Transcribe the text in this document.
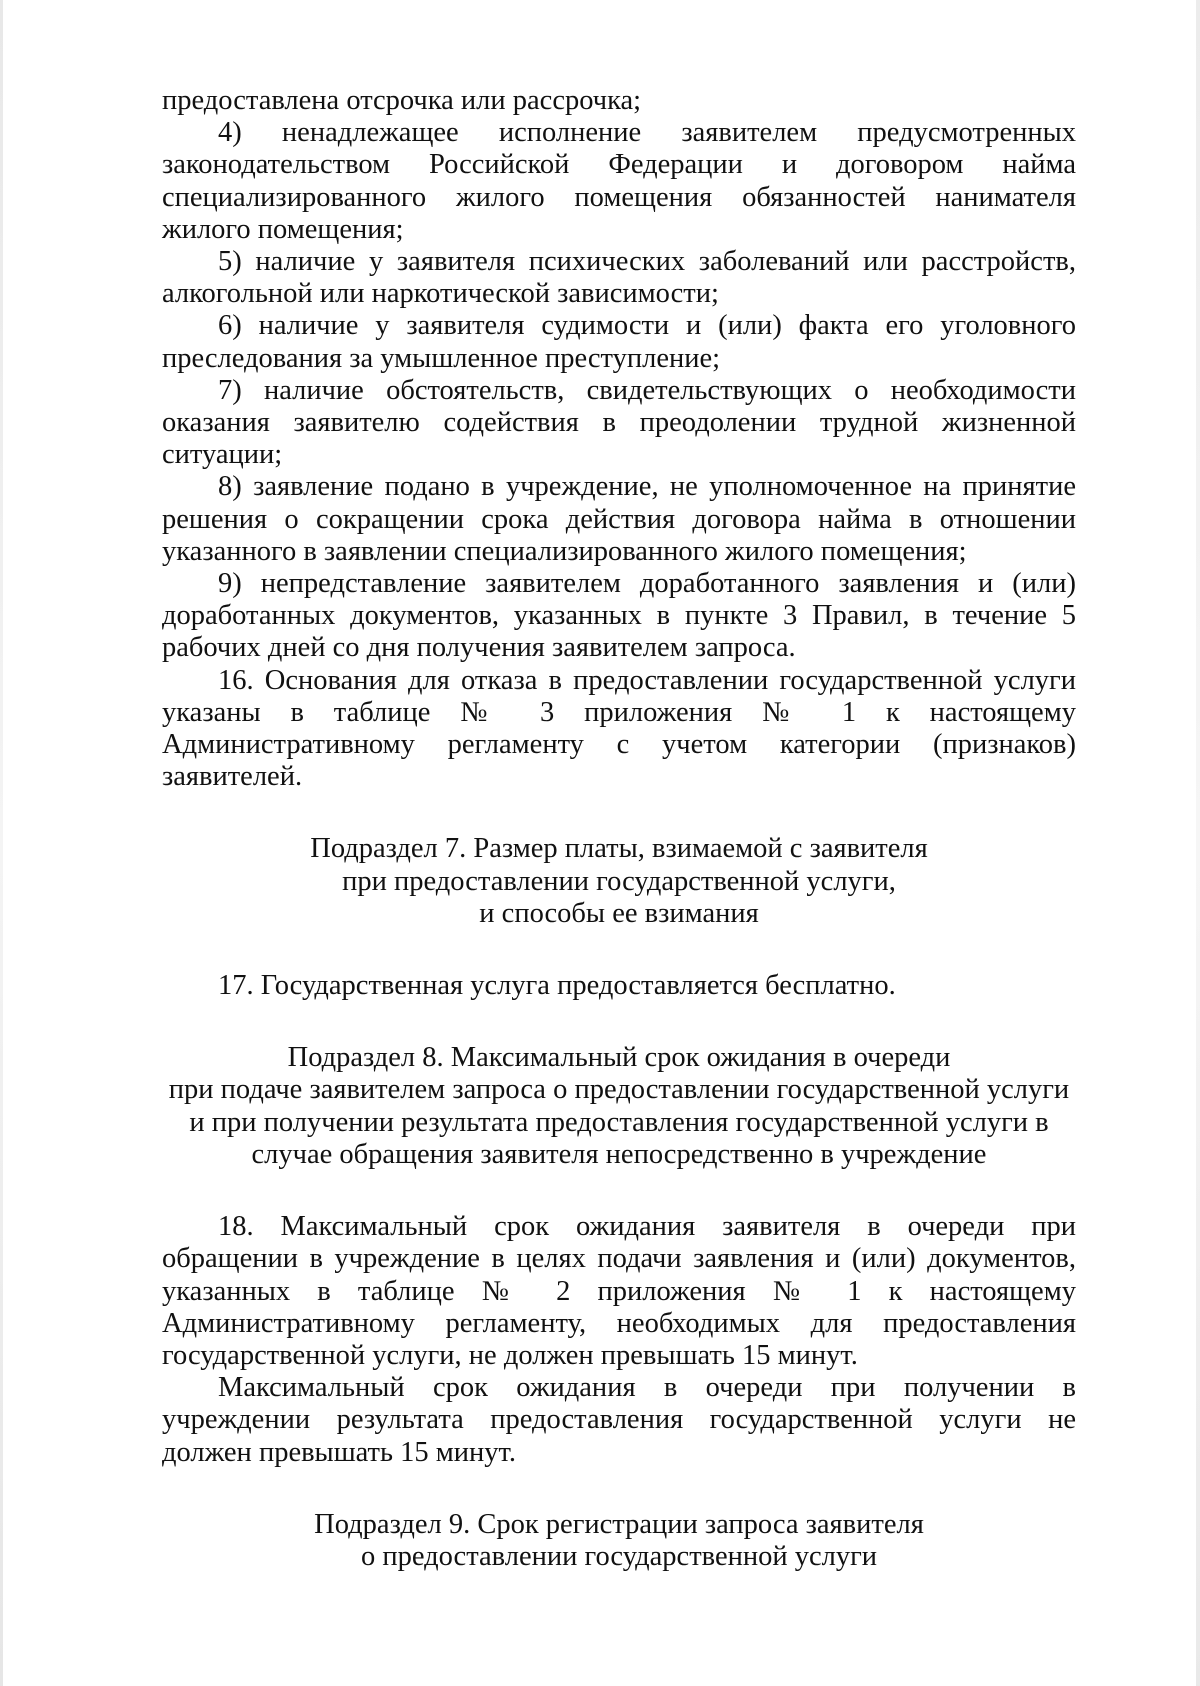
предоставлена отсрочка или рассрочка;

4) ненадлежащее исполнение заявителем предусмотренных законодательством Российской Федерации и договором найма специализированного жилого помещения обязанностей нанимателя жилого помещения;

5) наличие у заявителя психических заболеваний или расстройств, алкогольной или наркотической зависимости;

6) наличие у заявителя судимости и (или) факта его уголовного преследования за умышленное преступление;

7) наличие обстоятельств, свидетельствующих о необходимости оказания заявителю содействия в преодолении трудной жизненной ситуации;

8) заявление подано в учреждение, не уполномоченное на принятие решения о сокращении срока действия договора найма в отношении указанного в заявлении специализированного жилого помещения;

9) непредставление заявителем доработанного заявления и (или) доработанных документов, указанных в пункте 3 Правил, в течение 5 рабочих дней со дня получения заявителем запроса.

16. Основания для отказа в предоставлении государственной услуги указаны в таблице № 3 приложения № 1 к настоящему Административному регламенту с учетом категории (признаков) заявителей.

Подраздел 7. Размер платы, взимаемой с заявителя
при предоставлении государственной услуги,
и способы ее взимания

17. Государственная услуга предоставляется бесплатно.

Подраздел 8. Максимальный срок ожидания в очереди
при подаче заявителем запроса о предоставлении государственной услуги
и при получении результата предоставления государственной услуги в
случае обращения заявителя непосредственно в учреждение

18. Максимальный срок ожидания заявителя в очереди при обращении в учреждение в целях подачи заявления и (или) документов, указанных в таблице № 2 приложения № 1 к настоящему Административному регламенту, необходимых для предоставления государственной услуги, не должен превышать 15 минут.

Максимальный срок ожидания в очереди при получении в учреждении результата предоставления государственной услуги не должен превышать 15 минут.

Подраздел 9. Срок регистрации запроса заявителя
о предоставлении государственной услуги
